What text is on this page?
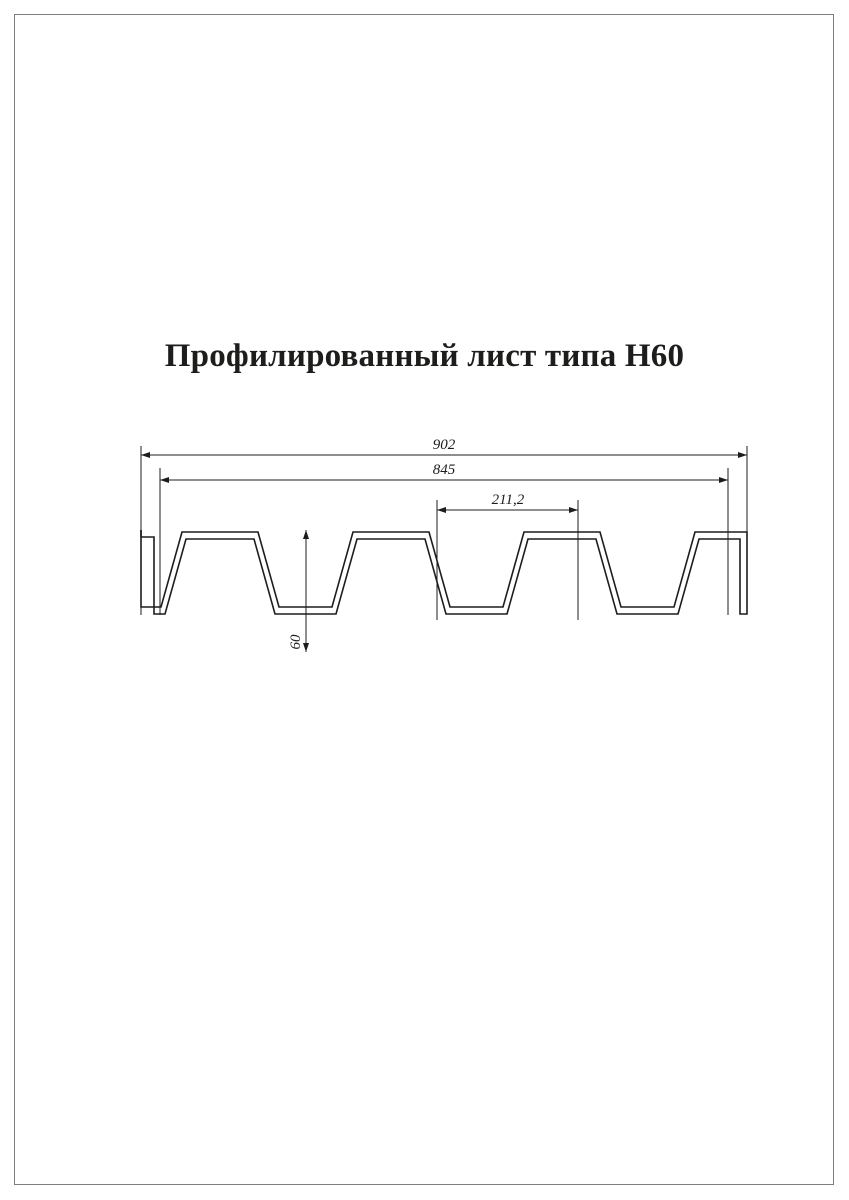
Профилированный лист типа Н60
902
845
211,2
60
